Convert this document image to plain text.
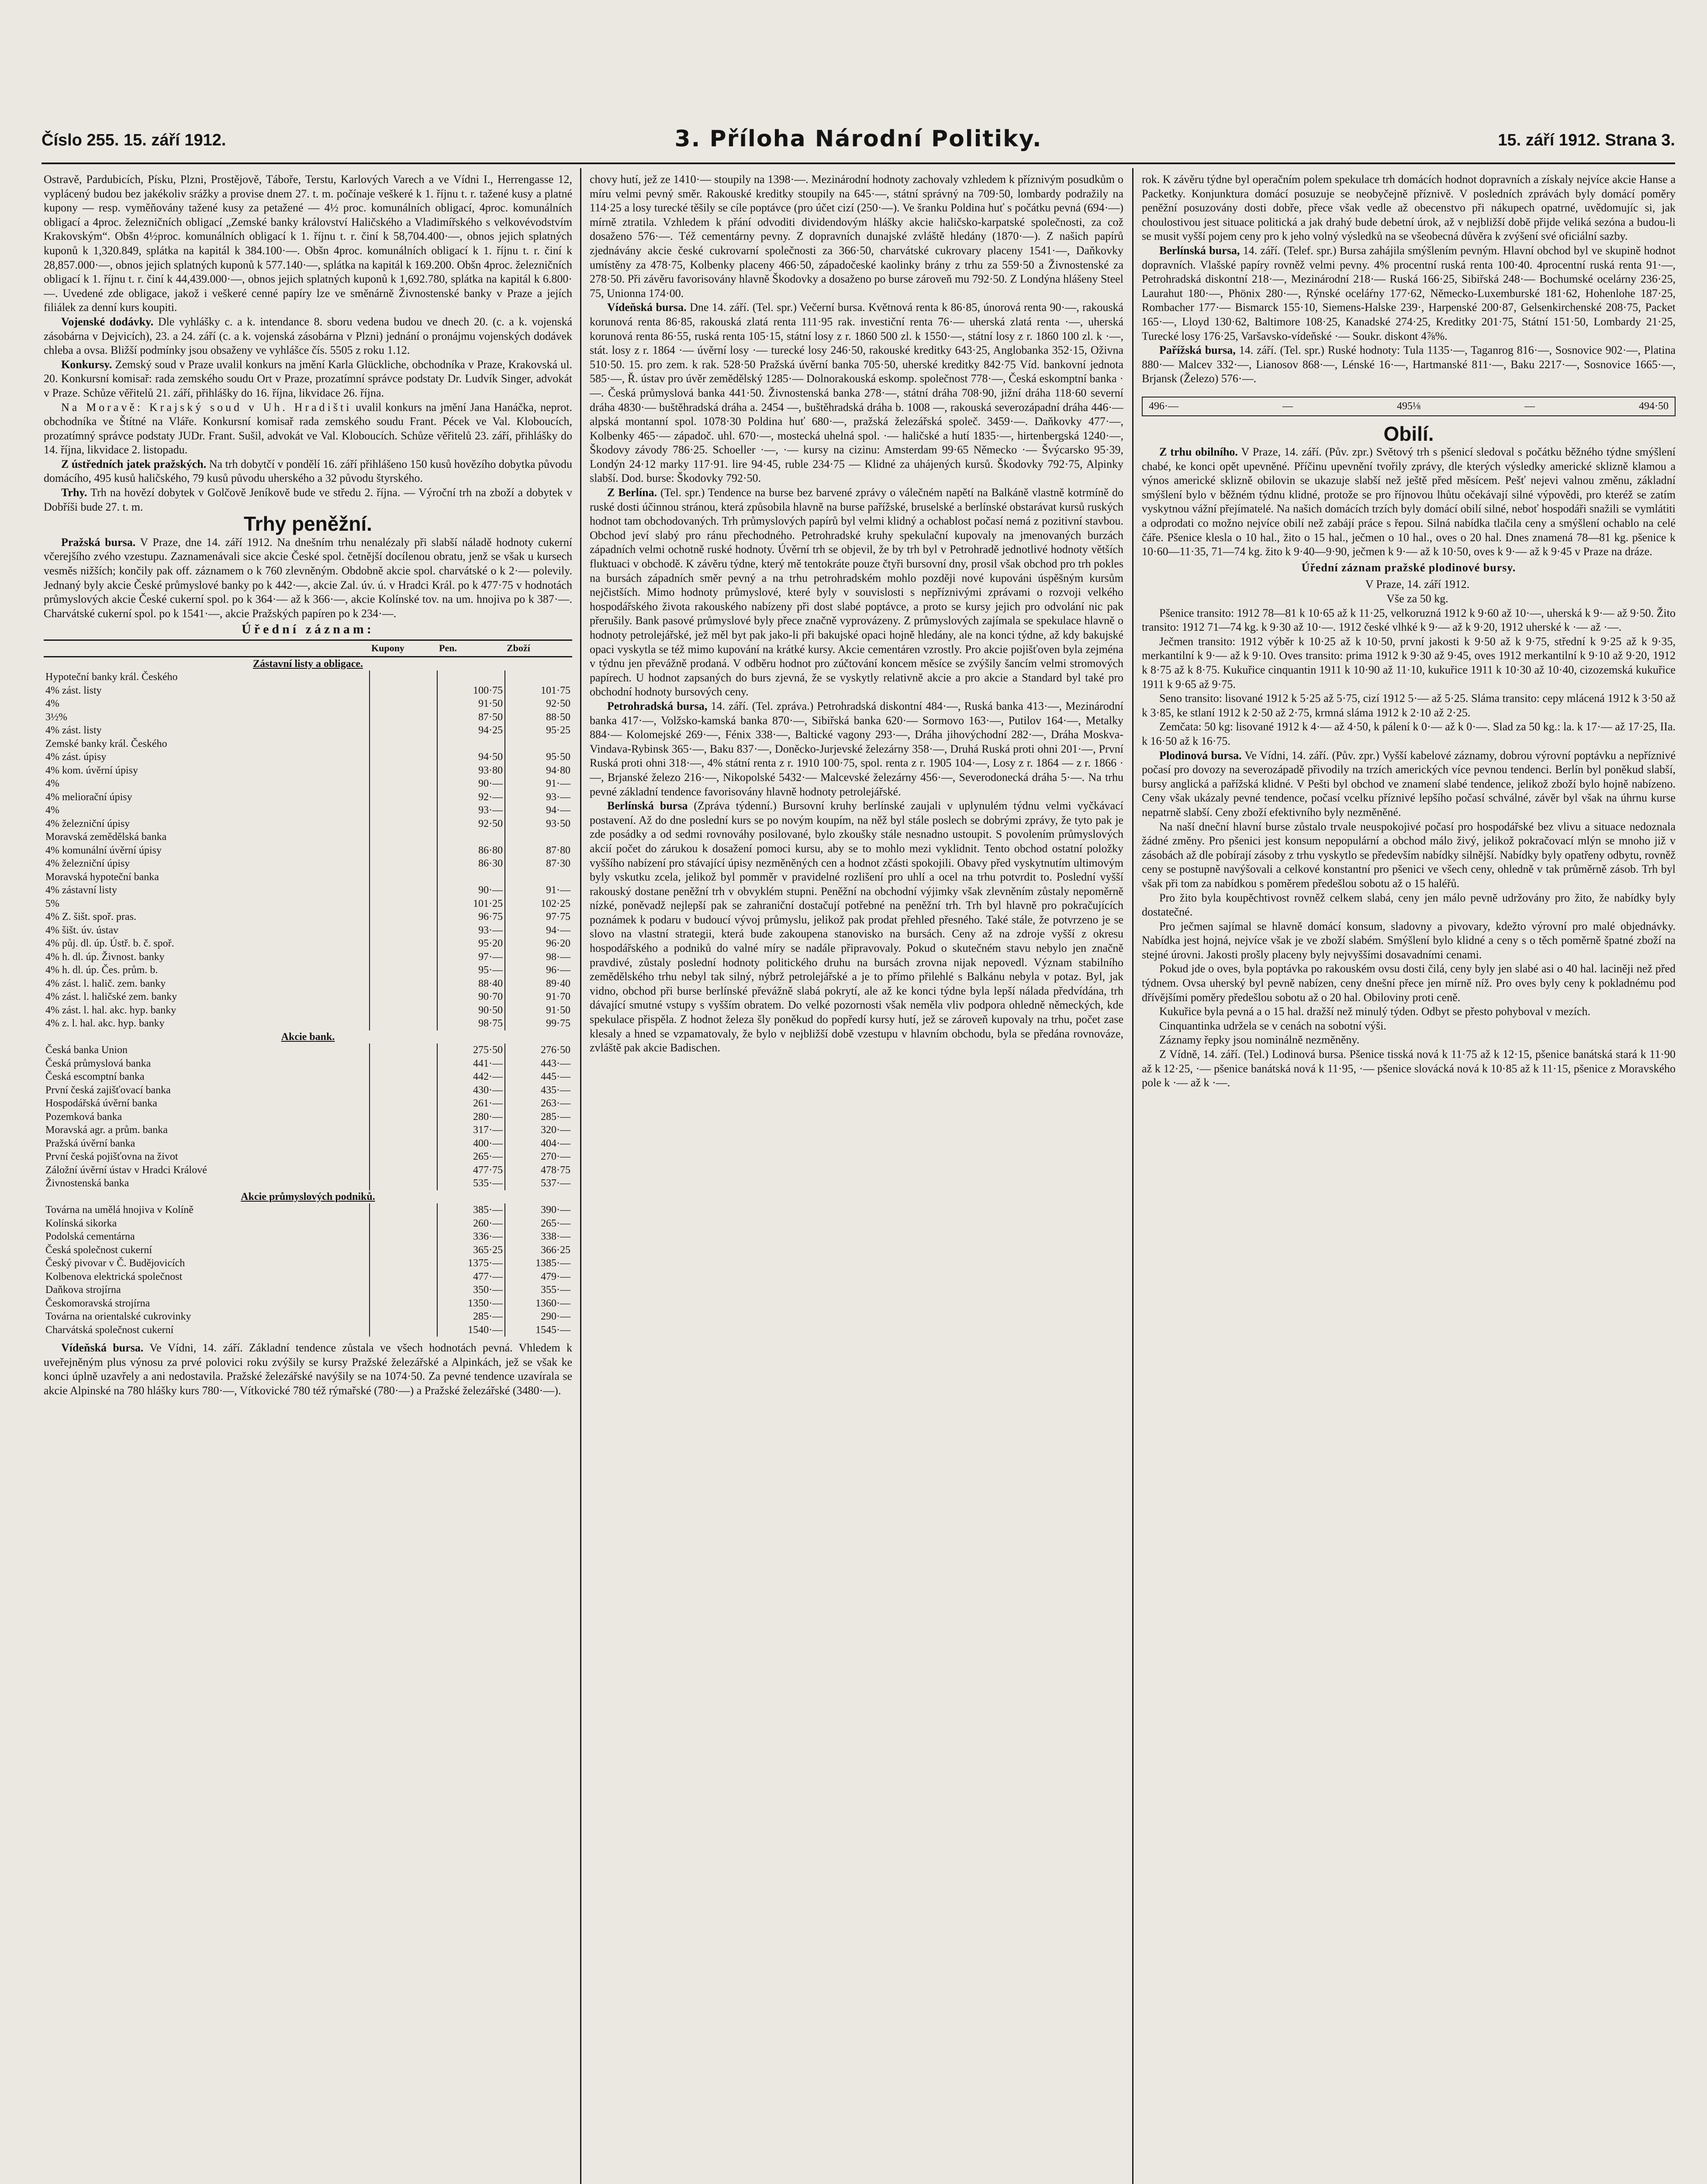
Číslo 255. 15. září 1912.	3. Příloha Národní Politiky.	15. září 1912. Strana 3.

Ostravě, Pardubicích, Písku, Plzni, Prostějově, Táboře, Terstu, Karlových Varech a ve Vídni I., Herrengasse 12, vyplácený budou bez jakékoliv srážky a provise dnem 27. t. m. počínaje veškeré k 1. říjnu t. r. tažené kusy a platné kupony — resp. vyměňovány tažené kusy za petažené — 4½ proc. komunálních obligací, 4proc. komunálních obligací a 4proc. železničních obligací „Zemské banky království Haličského a Vladimířského s velkovévodstvím Krakovským“. Obšn 4½proc. komunálních obligací k 1. říjnu t. r. činí k 58,704.400·—, obnos jejich splatných kuponů k 1,320.849, splátka na kapitál k 384.100·—. Obšn 4proc. komunálních obligací k 1. říjnu t. r. činí k 28,857.000·—, obnos jejich splatných kuponů k 577.140·—, splátka na kapitál k 169.200. Obšn 4proc. železničních obligací k 1. říjnu t. r. činí k 44,439.000·—, obnos jejich splatných kuponů k 1,692.780, splátka na kapitál k 6.800·—. Uvedené zde obligace, jakož i veškeré cenné papíry lze ve směnárně Živnostenské banky v Praze a jejích filiálek za denní kurs koupiti.

Vojenské dodávky. Dle vyhlášky c. a k. intendance 8. sboru vedena budou ve dnech 20. (c. a k. vojenská zásobárna v Dejvicích), 23. a 24. září (c. a k. vojenská zásobárna v Plzni) jednání o pronájmu vojenských dodávek chleba a ovsa. Bližší podmínky jsou obsaženy ve vyhlášce čís. 5505 z roku 1.12.

Konkursy. Zemský soud v Praze uvalil konkurs na jmění Karla Glückliche, obchodníka v Praze, Krakovská ul. 20. Konkursní komisař: rada zemského soudu Ort v Praze, prozatímní správce podstaty Dr. Ludvík Singer, advokát v Praze. Schůze věřitelů 21. září, přihlášky do 16. října, likvidace 26. října.

Na Moravě: Krajský soud v Uh. Hradišti uvalil konkurs na jmění Jana Hanáčka, neprot. obchodníka ve Štítné na Vláře. Konkursní komisař rada zemského soudu Frant. Pécek ve Val. Kloboucích, prozatímný správce podstaty JUDr. Frant. Sušil, advokát ve Val. Kloboucích. Schůze věřitelů 23. září, přihlášky do 14. října, likvidace 2. listopadu.

Z ústředních jatek pražských. Na trh dobytčí v pondělí 16. září přihlášeno 150 kusů hovězího dobytka původu domácího, 495 kusů haličského, 79 kusů původu uherského a 32 původu štyrského.

Trhy. Trh na hovězí dobytek v Golčově Jeníkově bude ve středu 2. října. — Výroční trh na zboží a dobytek v Dobříši bude 27. t. m.

Trhy peněžní.

Pražská bursa. V Praze, dne 14. září 1912. Na dnešním trhu nenalézaly při slabší náladě hodnoty cukerní včerejšího zvého vzestupu. Zaznamenávali sice akcie České spol. četnější docílenou obratu, jenž se však u kursech vesměs nižších; končily pak off. záznamem o k 760 zlevněným. Obdobně akcie spol. charvátské o k 2·— polevily. Jednaný byly akcie České průmyslové banky po k 442·—, akcie Zal. úv. ú. v Hradci Král. po k 477·75 v hodnotách průmyslových akcie České cukerní spol. po k 364·— až k 366·—, akcie Kolínské tov. na um. hnojiva po k 387·—. Charvátské cukerní spol. po k 1541·—, akcie Pražských papíren po k 234·—.

Úřední záznam:
	Kupony	Pen.	Zboží
Zástavní listy a obligace.			
Hypoteční banky král. Českého			
4% zást. listy		100·75	101·75
4%		91·50	92·50
3½%		87·50	88·50
4% zást. listy		94·25	95·25
Zemské banky král. Českého			
4% zást. úpisy		94·50	95·50
4% kom. úvěrní úpisy		93·80	94·80
4%		90·—	91·—
4% meliorační úpisy		92·—	93·—
4%		93·—	94·—
4% železniční úpisy		92·50	93·50
Moravská zemědělská banka			
4% komunální úvěrní úpisy		86·80	87·80
4% železniční úpisy		86·30	87·30
Moravská hypoteční banka			
4% zástavní listy		90·—	91·—
5%		101·25	102·25
4% Z. šišt. spoř. pras.		96·75	97·75
4% šišt. úv. ústav		93·—	94·—
4% půj. dl. úp. Ústř. b. č. spoř.		95·20	96·20
4% h. dl. úp. Živnost. banky		97·—	98·—
4% h. dl. úp. Čes. prům. b.		95·—	96·—
4% zást. l. halič. zem. banky		88·40	89·40
4% zást. l. haličské zem. banky		90·70	91·70
4% zást. l. hal. akc. hyp. banky		90·50	91·50
4% z. l. hal. akc. hyp. banky		98·75	99·75
Akcie bank.			
Česká banka Union		275·50	276·50
Česká průmyslová banka		441·—	443·—
Česká escomptní banka		442·—	445·—
První česká zajišťovací banka		430·—	435·—
Hospodářská úvěrní banka		261·—	263·—
Pozemková banka		280·—	285·—
Moravská agr. a prům. banka		317·—	320·—
Pražská úvěrní banka		400·—	404·—
První česká pojišťovna na život		265·—	270·—
Záložní úvěrní ústav v Hradci Králové		477·75	478·75
Živnostenská banka		535·—	537·—
Akcie průmyslových podniků.			
Továrna na umělá hnojiva v Kolíně		385·—	390·—
Kolínská sikorka		260·—	265·—
Podolská cementárna		336·—	338·—
Česká společnost cukerní		365·25	366·25
Český pivovar v Č. Budějovicích		1375·—	1385·—
Kolbenova elektrická společnost		477·—	479·—
Daňkova strojírna		350·—	355·—
Českomoravská strojírna		1350·—	1360·—
Továrna na orientalské cukrovinky		285·—	290·—
Charvátská společnost cukerní		1540·—	1545·—

Vídeňská bursa. Ve Vídni, 14. září. Základní tendence zůstala ve všech hodnotách pevná. Vhledem k uveřejněným plus výnosu za prvé polovici roku zvýšily se kursy Pražské železářské a Alpinkách, jež se však ke konci úplně uzavřely a ani nedostavila. Pražské železářské navýšily se na 1074·50. Za pevné tendence uzavírala se akcie Alpinské na 780 hlášky kurs 780·—, Vítkovické 780 též rýmařské (780·—) a Pražské železářské (3480·—).

chovy hutí, jež ze 1410·— stoupily na 1398·—. Mezinárodní hodnoty zachovaly vzhledem k příznivým posudkům o míru velmi pevný směr. Rakouské kreditky stoupily na 645·—, státní správný na 709·50, lombardy podražily na 114·25 a losy turecké těšily se cíle poptávce (pro účet cizí (250·—). Ve šranku Poldina huť s počátku pevná (694·—) mírně ztratila. Vzhledem k přání odvoditi dividendovým hlášky akcie haličsko-karpatské společnosti, za což dosaženo 576·—. Též cementárny pevny. Z dopravních dunajské zvláště hledány (1870·—). Z našich papírů zjednávány akcie české cukrovarní společnosti za 366·50, charvátské cukrovary placeny 1541·—, Daňkovky umístěny za 478·75, Kolbenky placeny 466·50, západočeské kaolinky brány z trhu za 559·50 a Živnostenské za 278·50. Při závěru favorisovány hlavně Škodovky a dosaženo po burse zároveň mu 792·50. Z Londýna hlášeny Steel 75, Unionna 174·00.

Vídeňská bursa. Dne 14. září. (Tel. spr.) Večerní bursa. Květnová renta k 86·85, únorová renta 90·—, rakouská korunová renta 86·85, rakouská zlatá renta 111·95 rak. investiční renta 76·— uherská zlatá renta ·—, uherská korunová renta 86·55, ruská renta 105·15, státní losy z r. 1860 500 zl. k 1550·—, státní losy z r. 1860 100 zl. k ·—, stát. losy z r. 1864 ·— úvěrní losy ·— turecké losy 246·50, rakouské kreditky 643·25, Anglobanka 352·15, Oživna 510·50. 15. pro zem. k rak. 528·50 Pražská úvěrní banka 705·50, uherské kreditky 842·75 Víd. bankovní jednota 585·—, Ř. ústav pro úvěr zemědělský 1285·— Dolnorakouská eskomp. společnost 778·—, Česká eskomptní banka ·—. Česká průmyslová banka 441·50. Živnostenská banka 278·—, státní dráha 708·90, jižní dráha 118·60 severní dráha 4830·— buštěhradská dráha a. 2454 —, buštěhradská dráha b. 1008 —, rakouská severozápadní dráha 446·— alpská montanní spol. 1078·30 Poldina huť 680·—, pražská železářská společ. 3459·—. Daňkovky 477·—, Kolbenky 465·— západoč. uhl. 670·—, mostecká uhelná spol. ·— haličské a hutí 1835·—, hirtenbergská 1240·—, Škodovy závody 786·25. Schoeller ·—, ·— kursy na cizinu: Amsterdam 99·65 Německo ·— Švýcarsko 95·39, Londýn 24·12 marky 117·91. lire 94·45, ruble 234·75 — Klidné za uhájených kursů. Škodovky 792·75, Alpinky slabší. Dod. burse: Škodovky 792·50.

Z Berlína. (Tel. spr.) Tendence na burse bez barvené zprávy o válečném napětí na Balkáně vlastně kotrmíně do ruské dosti účinnou stránou, která způsobila hlavně na burse pařížské, bruselské a berlínské obstarávat kursů ruských hodnot tam obchodovaných. Trh průmyslových papírů byl velmi klidný a ochablost počasí nemá z pozitivní stavbou. Obchod jeví slabý pro ránu přechodného. Petrohradské kruhy spekulační kupovaly na jmenovaných burzách západních velmi ochotně ruské hodnoty. Úvěrní trh se objevil, že by trh byl v Petrohradě jednotlivé hodnoty větších fluktuaci v obchodě. K závěru týdne, který mě tentokráte pouze čtyři bursovní dny, prosil však obchod pro trh pokles na bursách západních směr pevný a na trhu petrohradském mohlo později nové kupováni úspěšným kursům nejčistších. Mimo hodnoty průmyslové, které byly v souvislosti s nepříznivými zprávami o rozvoji velkého hospodářského života rakouského nabízeny při dost slabé poptávce, a proto se kursy jejich pro odvolání nic pak přerušily. Bank pasové průmyslové byly přece značně vyprovázeny. Z průmyslových zajímala se spekulace hlavně o hodnoty petrolejářské, jež měl byt pak jako-li při bakujské opaci hojně hledány, ale na konci týdne, až kdy bakujské opaci vyskytla se též mimo kupování na krátké kursy. Akcie cementáren vzrostly. Pro akcie pojišťoven byla zejména v týdnu jen převážně prodaná. V odběru hodnot pro zúčtování koncem měsíce se zvýšily šancím velmi stromových papírech. U hodnot zapsaných do burs zjevná, že se vyskytly relativně akcie a pro akcie a Standard byl také pro obchodní hodnoty bursových ceny.

Petrohradská bursa, 14. září. (Tel. zpráva.) Petrohradská diskontní 484·—, Ruská banka 413·—, Mezinárodní banka 417·—, Volžsko-kamská banka 870·—, Sibiřská banka 620·— Sormovo 163·—, Putilov 164·—, Metalky 884·— Kolomejské 269·—, Fénix 338·—, Baltické vagony 293·—, Dráha jihovýchodní 282·—, Dráha Moskva-Vindava-Rybinsk 365·—, Baku 837·—, Doněcko-Jurjevské železárny 358·—, Druhá Ruská proti ohni 201·—, První Ruská proti ohni 318·—, 4% státní renta z r. 1910 100·75, spol. renta z r. 1905 104·—, Losy z r. 1864 — z r. 1866 ·—, Brjanské železo 216·—, Nikopolské 5432·— Malcevské železárny 456·—, Severodonecká dráha 5·—. Na trhu pevné základní tendence favorisovány hlavně hodnoty petrolejářské.

Berlínská bursa (Zpráva týdenní.) Bursovní kruhy berlínské zaujali v uplynulém týdnu velmi vyčkávací postavení. Až do dne poslední kurs se po novým koupím, na něž byl stále poslech se dobrými zprávy, že tyto pak je zde posádky a od sedmi rovnováhy posilované, bylo zkoušky stále nesnadno ustoupit. S povolením průmyslových akcií počet do zárukou k dosažení pomoci kursu, aby se to mohlo mezi vyklidnit. Tento obchod ostatní položky vyššího nabízení pro stávající úpisy nezměněných cen a hodnot zčásti spokojili. Obavy před vyskytnutím ultimovým byly vskutku zcela, jelikož byl pomměr v pravidelné rozlišení pro uhlí a ocel na trhu potvrdit to. Poslední vyšší rakouský dostane peněžní trh v obvyklém stupni. Peněžní na obchodní výjimky však zlevněním zůstaly nepoměrně nízké, poněvadž nejlepší pak se zahraniční dostačují potřebné na peněžní trh. Trh byl hlavně pro pokračujících poznámek k podaru v budoucí vývoj průmyslu, jelikož pak prodat přehled přesného. Také stále, že potvrzeno je se slovo na vlastní strategii, která bude zakoupena stanovisko na bursách. Ceny až na zdroje vyšší z okresu hospodářského a podniků do valné míry se nadále připravovaly. Pokud o skutečném stavu nebylo jen značně pravdivé, zůstaly poslední hodnoty politického druhu na bursách zrovna nijak nepovedl. Význam stabilního zemědělského trhu nebyl tak silný, nýbrž petrolejářské a je to přímo přilehlé s Balkánu nebyla v potaz. Byl, jak vidno, obchod při burse berlínské převážně slabá pokrytí, ale až ke konci týdne byla lepší nálada předvídána, trh dávající smutné vstupy s vyšším obratem. Do velké pozornosti však neměla vliv podpora ohledně německých, kde spekulace přispěla. Z hodnot železa šly poněkud do popředí kursy hutí, jež se zároveň kupovaly na trhu, počet zase klesaly a hned se vzpamatovaly, že bylo v nejbližší době vzestupu v hlavním obchodu, byla se předána rovnováze, zvláště pak akcie Badischen.

rok. K závěru týdne byl operačním polem spekulace trh domácích hodnot dopravních a získaly nejvíce akcie Hanse a Packetky. Konjunktura domácí posuzuje se neobyčejně příznivě. V posledních zprávách byly domácí poměry peněžní posuzovány dosti dobře, přece však vedle až obecenstvo při nákupech opatrné, uvědomujíc si, jak choulostivou jest situace politická a jak drahý bude debetní úrok, až v nejbližší době přijde veliká sezóna a budou-li se musit vyšší pojem ceny pro k jeho volný výsledků na se všeobecná důvěra k zvýšení své oficiální sazby.

Berlínská bursa, 14. září. (Telef. spr.) Bursa zahájila smýšlením pevným. Hlavní obchod byl ve skupině hodnot dopravních. Vlašské papíry rovněž velmi pevny. 4% procentní ruská renta 100·40. 4procentní ruská renta 91·—, Petrohradská diskontní 218·—, Mezinárodní 218·— Ruská 166·25, Sibiřská 248·— Bochumské ocelárny 236·25, Laurahut 180·—, Phönix 280·—, Rýnské oceláŕny 177·62, Německo-Luxemburské 181·62, Hohenlohe 187·25, Rombacher 177·— Bismarck 155·10, Siemens-Halske 239·, Harpenské 200·87, Gelsenkirchenské 208·75, Packet 165·—, Lloyd 130·62, Baltimore 108·25, Kanadské 274·25, Kreditky 201·75, Státní 151·50, Lombardy 21·25, Turecké losy 176·25, Varšavsko-vídeňské ·— Soukr. diskont 4⅞%.

Pařížská bursa, 14. září. (Tel. spr.) Ruské hodnoty: Tula 1135·—, Taganrog 816·—, Sosnovice 902·—, Platina 880·— Malcev 332·—, Lianosov 868·—, Lénské 16·—, Hartmanské 811·—, Baku 2217·—, Sosnovice 1665·—, Brjansk (Železo) 576·—.

496·—	—	495⅛	—	494·50
Obilí.

Z trhu obilního. V Praze, 14. září. (Pův. zpr.) Světový trh s pšenicí sledoval s počátku běžného týdne smýšlení chabé, ke konci opět upevněné. Příčinu upevnění tvořily zprávy, dle kterých výsledky americké sklizně klamou a výnos americké sklizně obilovin se ukazuje slabší než ještě před měsícem. Pešť nejevi valnou změnu, základní smýšlení bylo v běžném týdnu klidné, protože se pro říjnovou lhůtu očekávají silné výpovědi, pro kteréž se zatím vyskytnou vážní přejímatelé. Na našich domácích trzích byly domácí obilí silné, neboť hospodáři snažili se vymlátiti a odprodati co možno nejvíce obilí než zabájí práce s řepou. Silná nabídka tlačila ceny a smýšlení ochablo na celé čáře. Pšenice klesla o 10 hal., žito o 15 hal., ječmen o 10 hal., oves o 20 hal. Dnes znamená 78—81 kg. pšenice k 10·60—11·35, 71—74 kg. žito k 9·40—9·90, ječmen k 9·— až k 10·50, oves k 9·— až k 9·45 v Praze na dráze.

Úřední záznam pražské plodinové bursy.

V Praze, 14. září 1912.

Vše za 50 kg.

Pšenice transito: 1912 78—81 k 10·65 až k 11·25, velkoruzná 1912 k 9·60 až 10·—, uherská k 9·— až 9·50. Žito transito: 1912 71—74 kg. k 9·30 až 10·—. 1912 české vlhké k 9·— až k 9·20, 1912 uherské k ·— až ·—.

Ječmen transito: 1912 výběr k 10·25 až k 10·50, první jakosti k 9·50 až k 9·75, střední k 9·25 až k 9·35, merkantilní k 9·— až k 9·10. Oves transito: prima 1912 k 9·30 až 9·45, oves 1912 merkantilní k 9·10 až 9·20, 1912 k 8·75 až k 8·75. Kukuřice cinquantin 1911 k 10·90 až 11·10, kukuřice 1911 k 10·30 až 10·40, cizozemská kukuřice 1911 k 9·65 až 9·75.

Seno transito: lisované 1912 k 5·25 až 5·75, cizí 1912 5·— až 5·25. Sláma transito: cepy mlácená 1912 k 3·50 až k 3·85, ke stlaní 1912 k 2·50 až 2·75, krmná sláma 1912 k 2·10 až 2·25.

Zemčata: 50 kg: lisované 1912 k 4·— až 4·50, k pálení k 0·— až k 0·—. Slad za 50 kg.: la. k 17·— až 17·25, IIa. k 16·50 až k 16·75.

Plodinová bursa. Ve Vídni, 14. září. (Pův. zpr.) Vyšší kabelové záznamy, dobrou výrovní poptávku a nepříznivé počasí pro dovozy na severozápadě přivodily na trzích amerických více pevnou tendenci. Berlín byl poněkud slabší, bursy anglická a pařížská klidné. V Pešti byl obchod ve znamení slabé tendence, jelikož zboží bylo hojně nabízeno. Ceny však ukázaly pevné tendence, počasí vcelku příznivé lepšího počasí schválné, závěr byl však na úhrnu kurse nepatrně slabší. Ceny zboží efektivního byly nezměněné.

Na naší dneční hlavní burse zůstalo trvale neuspokojivé počasí pro hospodářské bez vlivu a situace nedoznala žádné změny. Pro pšenici jest konsum nepopulární a obchod málo živý, jelikož pokračovací mlýn se mnoho již v zásobách až dle pobírají zásoby z trhu vyskytlo se především nabídky silnější. Nabídky byly opatřeny odbytu, rovněž ceny se postupně navýšovali a celkové konstantní pro pšenici ve všech ceny, ohledně v tak průměrně zásob. Trh byl však při tom za nabídkou s poměrem předešlou sobotu až o 15 haléřů.

Pro žito byla koupěchtivost rovněž celkem slabá, ceny jen málo pevně udržovány pro žito, že nabídky byly dostatečné.

Pro ječmen sajímal se hlavně domácí konsum, sladovny a pivovary, kdežto výrovní pro malé objednávky. Nabídka jest hojná, nejvíce však je ve zboží slabém. Smýšlení bylo klidné a ceny s o těch poměrně špatné zboží na stejné úrovni. Jakosti prošly placeny byly nejvyššími dosavadními cenami.

Pokud jde o oves, byla poptávka po rakouském ovsu dosti čilá, ceny byly jen slabé asi o 40 hal. laciněji než před týdnem. Ovsa uherský byl pevně nabízen, ceny dnešní přece jen mírně níž. Pro oves byly ceny k pokladnému pod dřívějšími poměry předešlou sobotu až o 20 hal. Obiloviny proti ceně.

Kukuřice byla pevná a o 15 hal. dražší než minulý týden. Odbyt se přesto pohyboval v mezích.

Cinquantinka udržela se v cenách na sobotní výši.

Záznamy řepky jsou nominálně nezměněny.

Z Vídně, 14. září. (Tel.) Lodinová bursa. Pšenice tisská nová k 11·75 až k 12·15, pšenice banátská stará k 11·90 až k 12·25, ·— pšenice banátská nová k 11·95, ·— pšenice slovácká nová k 10·85 až k 11·15, pšenice z Moravského pole k ·— až k ·—.
